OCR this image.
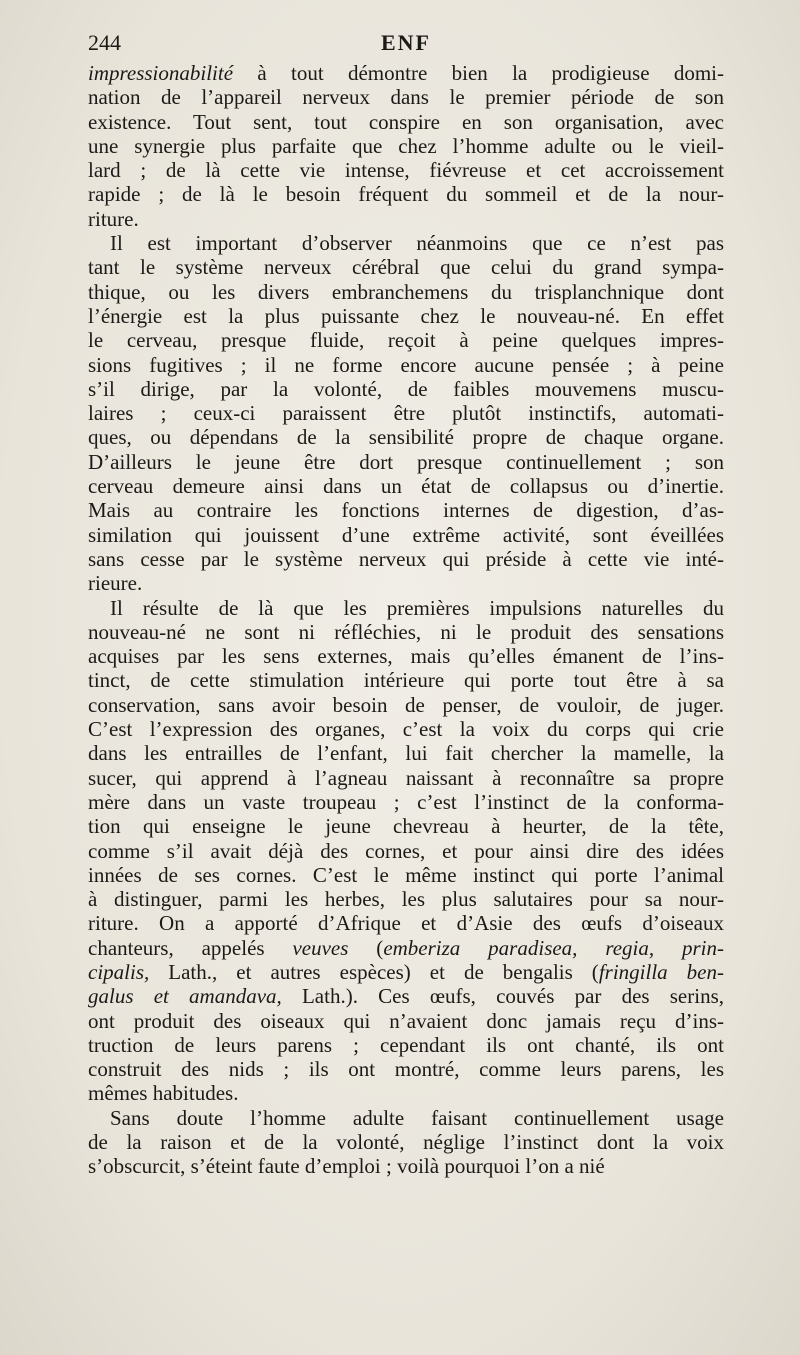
244	ENF

impressionabilité à tout démontre bien la prodigieuse domi-
nation de l’appareil nerveux dans le premier période de son
existence. Tout sent, tout conspire en son organisation, avec
une synergie plus parfaite que chez l’homme adulte ou le vieil-
lard ; de là cette vie intense, fiévreuse et cet accroissement
rapide ; de là le besoin fréquent du sommeil et de la nour-
riture.

Il est important d’observer néanmoins que ce n’est pas
tant le système nerveux cérébral que celui du grand sympa-
thique, ou les divers embranchemens du trisplanchnique dont
l’énergie est la plus puissante chez le nouveau-né. En effet
le cerveau, presque fluide, reçoit à peine quelques impres-
sions fugitives ; il ne forme encore aucune pensée ; à peine
s’il dirige, par la volonté, de faibles mouvemens muscu-
laires ; ceux-ci paraissent être plutôt instinctifs, automati-
ques, ou dépendans de la sensibilité propre de chaque organe.
D’ailleurs le jeune être dort presque continuellement ; son
cerveau demeure ainsi dans un état de collapsus ou d’inertie.
Mais au contraire les fonctions internes de digestion, d’as-
similation qui jouissent d’une extrême activité, sont éveillées
sans cesse par le système nerveux qui préside à cette vie inté-
rieure.

Il résulte de là que les premières impulsions naturelles du
nouveau-né ne sont ni réfléchies, ni le produit des sensations
acquises par les sens externes, mais qu’elles émanent de l’ins-
tinct, de cette stimulation intérieure qui porte tout être à sa
conservation, sans avoir besoin de penser, de vouloir, de juger.
C’est l’expression des organes, c’est la voix du corps qui crie
dans les entrailles de l’enfant, lui fait chercher la mamelle, la
sucer, qui apprend à l’agneau naissant à reconnaître sa propre
mère dans un vaste troupeau ; c’est l’instinct de la conforma-
tion qui enseigne le jeune chevreau à heurter, de la tête,
comme s’il avait déjà des cornes, et pour ainsi dire des idées
innées de ses cornes. C’est le même instinct qui porte l’animal
à distinguer, parmi les herbes, les plus salutaires pour sa nour-
riture. On a apporté d’Afrique et d’Asie des œufs d’oiseaux
chanteurs, appelés veuves (emberiza paradisea, regia, prin-
cipalis, Lath., et autres espèces) et de bengalis (fringilla ben-
galus et amandava, Lath.). Ces œufs, couvés par des serins,
ont produit des oiseaux qui n’avaient donc jamais reçu d’ins-
truction de leurs parens ; cependant ils ont chanté, ils ont
construit des nids ; ils ont montré, comme leurs parens, les
mêmes habitudes.

Sans doute l’homme adulte faisant continuellement usage
de la raison et de la volonté, néglige l’instinct dont la voix
s’obscurcit, s’éteint faute d’emploi ; voilà pourquoi l’on a nié
